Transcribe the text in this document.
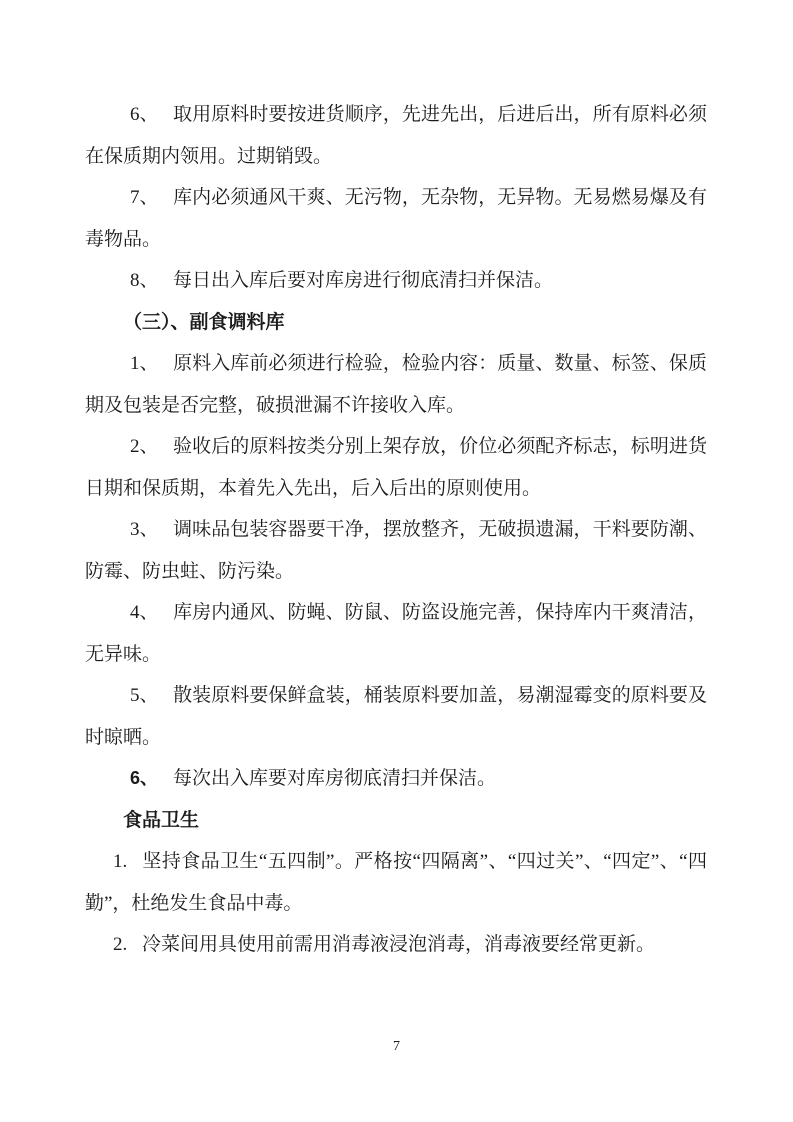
6、 取用原料时要按进货顺序，先进先出，后进后出，所有原料必须在保质期内领用。过期销毁。

7、 库内必须通风干爽、无污物，无杂物，无异物。无易燃易爆及有毒物品。

8、 每日出入库后要对库房进行彻底清扫并保洁。

（三）、副食调料库

1、 原料入库前必须进行检验，检验内容：质量、数量、标签、保质期及包装是否完整，破损泄漏不许接收入库。

2、 验收后的原料按类分别上架存放，价位必须配齐标志，标明进货日期和保质期，本着先入先出，后入后出的原则使用。

3、 调味品包装容器要干净，摆放整齐，无破损遗漏，干料要防潮、防霉、防虫蛀、防污染。

4、 库房内通风、防蝇、防鼠、防盗设施完善，保持库内干爽清洁，无异味。

5、 散装原料要保鲜盒装，桶装原料要加盖，易潮湿霉变的原料要及时晾晒。

6、 每次出入库要对库房彻底清扫并保洁。

食品卫生

1. 坚持食品卫生“五四制”。严格按“四隔离”、“四过关”、“四定”、“四勤”，杜绝发生食品中毒。

2. 冷菜间用具使用前需用消毒液浸泡消毒，消毒液要经常更新。

7
